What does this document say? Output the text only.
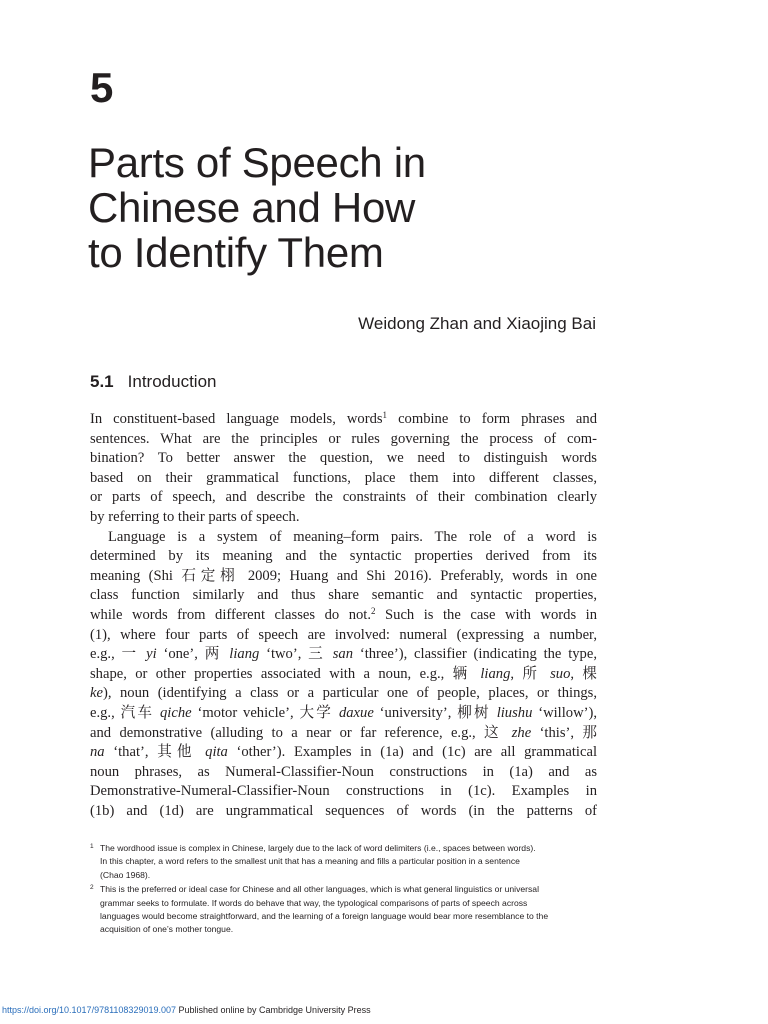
5
Parts of Speech in
Chinese and How
to Identify Them
Weidong Zhan and Xiaojing Bai
5.1 Introduction
In constituent-based language models, words$^1$ combine to form phrases and
sentences. What are the principles or rules governing the process of com-
bination? To better answer the question, we need to distinguish words
based on their grammatical functions, place them into different classes,
or parts of speech, and describe the constraints of their combination clearly
by referring to their parts of speech.
Language is a system of meaning–form pairs. The role of a word is
determined by its meaning and the syntactic properties derived from its
meaning (Shi 石定栩 2009; Huang and Shi 2016). Preferably, words in one
class function similarly and thus share semantic and syntactic properties,
while words from different classes do not.$^2$ Such is the case with words in
(1), where four parts of speech are involved: numeral (expressing a number,
e.g., 一 yi ‘one’, 两 liang ‘two’, 三 san ‘three’), classifier (indicating the type,
shape, or other properties associated with a noun, e.g., 辆 liang, 所 suo, 棵
ke), noun (identifying a class or a particular one of people, places, or things,
e.g., 汽车 qiche ‘motor vehicle’, 大学 daxue ‘university’, 柳树 liushu ‘willow’),
and demonstrative (alluding to a near or far reference, e.g., 这 zhe ‘this’, 那
na ‘that’, 其他 qita ‘other’). Examples in (1a) and (1c) are all grammatical
noun phrases, as Numeral-Classifier-Noun constructions in (1a) and as
Demonstrative-Numeral-Classifier-Noun constructions in (1c). Examples in
(1b) and (1d) are ungrammatical sequences of words (in the patterns of
1 The wordhood issue is complex in Chinese, largely due to the lack of word delimiters (i.e., spaces between words).
In this chapter, a word refers to the smallest unit that has a meaning and fills a particular position in a sentence
(Chao 1968).
2 This is the preferred or ideal case for Chinese and all other languages, which is what general linguistics or universal
grammar seeks to formulate. If words do behave that way, the typological comparisons of parts of speech across
languages would become straightforward, and the learning of a foreign language would bear more resemblance to the
acquisition of one’s mother tongue.
https://doi.org/10.1017/9781108329019.007 Published online by Cambridge University Press
